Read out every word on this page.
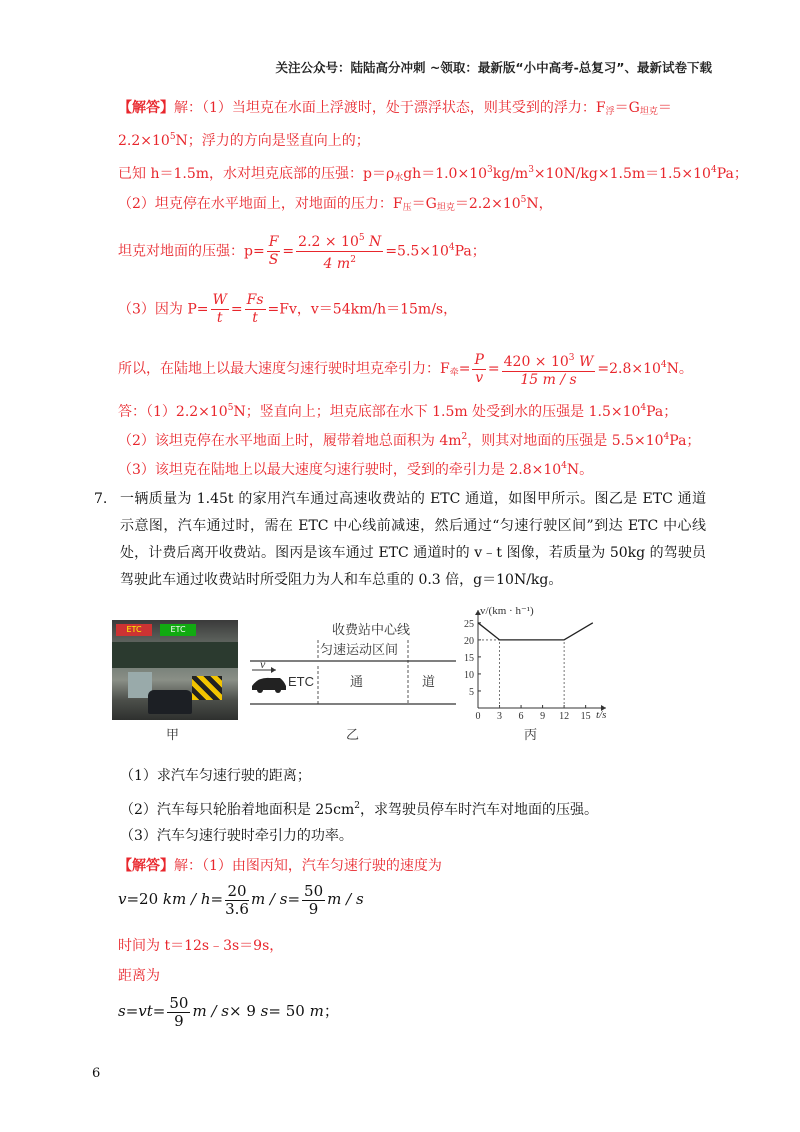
关注公众号：陆陆高分冲刺 ~领取：最新版“小中高考-总复习”、最新试卷下载
【解答】解：（1）当坦克在水面上浮渡时，处于漂浮状态，则其受到的浮力：$F_浮=G_{坦克}=$
$2.2\times 10^5N$；浮力的方向是竖直向上的；
已知 h＝1.5m，水对坦克底部的压强：$p=\rho_水gh=1.0\times 10^3kg/m^3\times 10N/kg\times 1.5m=1.5\times 10^4Pa$；
（2）坦克停在水平地面上，对地面的压力：$F_压=G_{坦克}=2.2\times 10^5N$，
坦克对地面的压强：$p= \frac{F}{S} = \frac{2.2 \times 10^5 N}{4 m^2} =5.5\times 10^4Pa$；
（3）因为 $P= \frac{W}{t} = \frac{Fs}{t} =Fv$，v＝54km/h＝15m/s，
所以，在陆地上以最大速度匀速行驶时坦克牵引力：$F_牵= \frac{P}{v} = \frac{420 \times 10^3 W}{15 m / s} =2.8\times 10^4N$。
答：$(1)2.2\times 10^5N$；竖直向上；坦克底部在水下 1.5m 处受到水的压强是 $1.5\times 10^4Pa$；
（2）该坦克停在水平地面上时，履带着地总面积为 $4m^2$，则其对地面的压强是 $5.5\times 10^4Pa$；
（3）该坦克在陆地上以最大速度匀速行驶时，受到的牵引力是 $2.8\times 10^4N$。
7. 一辆质量为 1.45t 的家用汽车通过高速收费站的 ETC 通道，如图甲所示。图乙是 ETC 通道示意图，汽车通过时，需在 ETC 中心线前减速，然后通过“匀速行驶区间”到达 ETC 中心线处，计费后离开收费站。图丙是该车通过 ETC 通道时的 v﹣t 图像，若质量为 50kg 的驾驶员驾驶此车通过收费站时所受阻力为人和车总重的 0.3 倍，g＝10N/kg。
ETC	ETC
甲
收费站中心线
匀速运动区间
v
ETC	通	道
乙
0 3 6 9 12 15
5
10
15
20
25
v/(km · h⁻¹)
t/s
丙
（1）求汽车匀速行驶的距离；
（2）汽车每只轮胎着地面积是 $25cm^2$，求驾驶员停车时汽车对地面的压强。
（3）汽车匀速行驶时牵引力的功率。
【解答】解：（1）由图丙知，汽车匀速行驶的速度为
v=20 km / $h= \frac{20}{3.6}$ $m / s= \frac{50}{9}$ m / s
时间为 t＝12s﹣3s＝9s，
距离为
$s=vt= \frac{50}{9}$ m / s× 9 s= 50 m；
6
